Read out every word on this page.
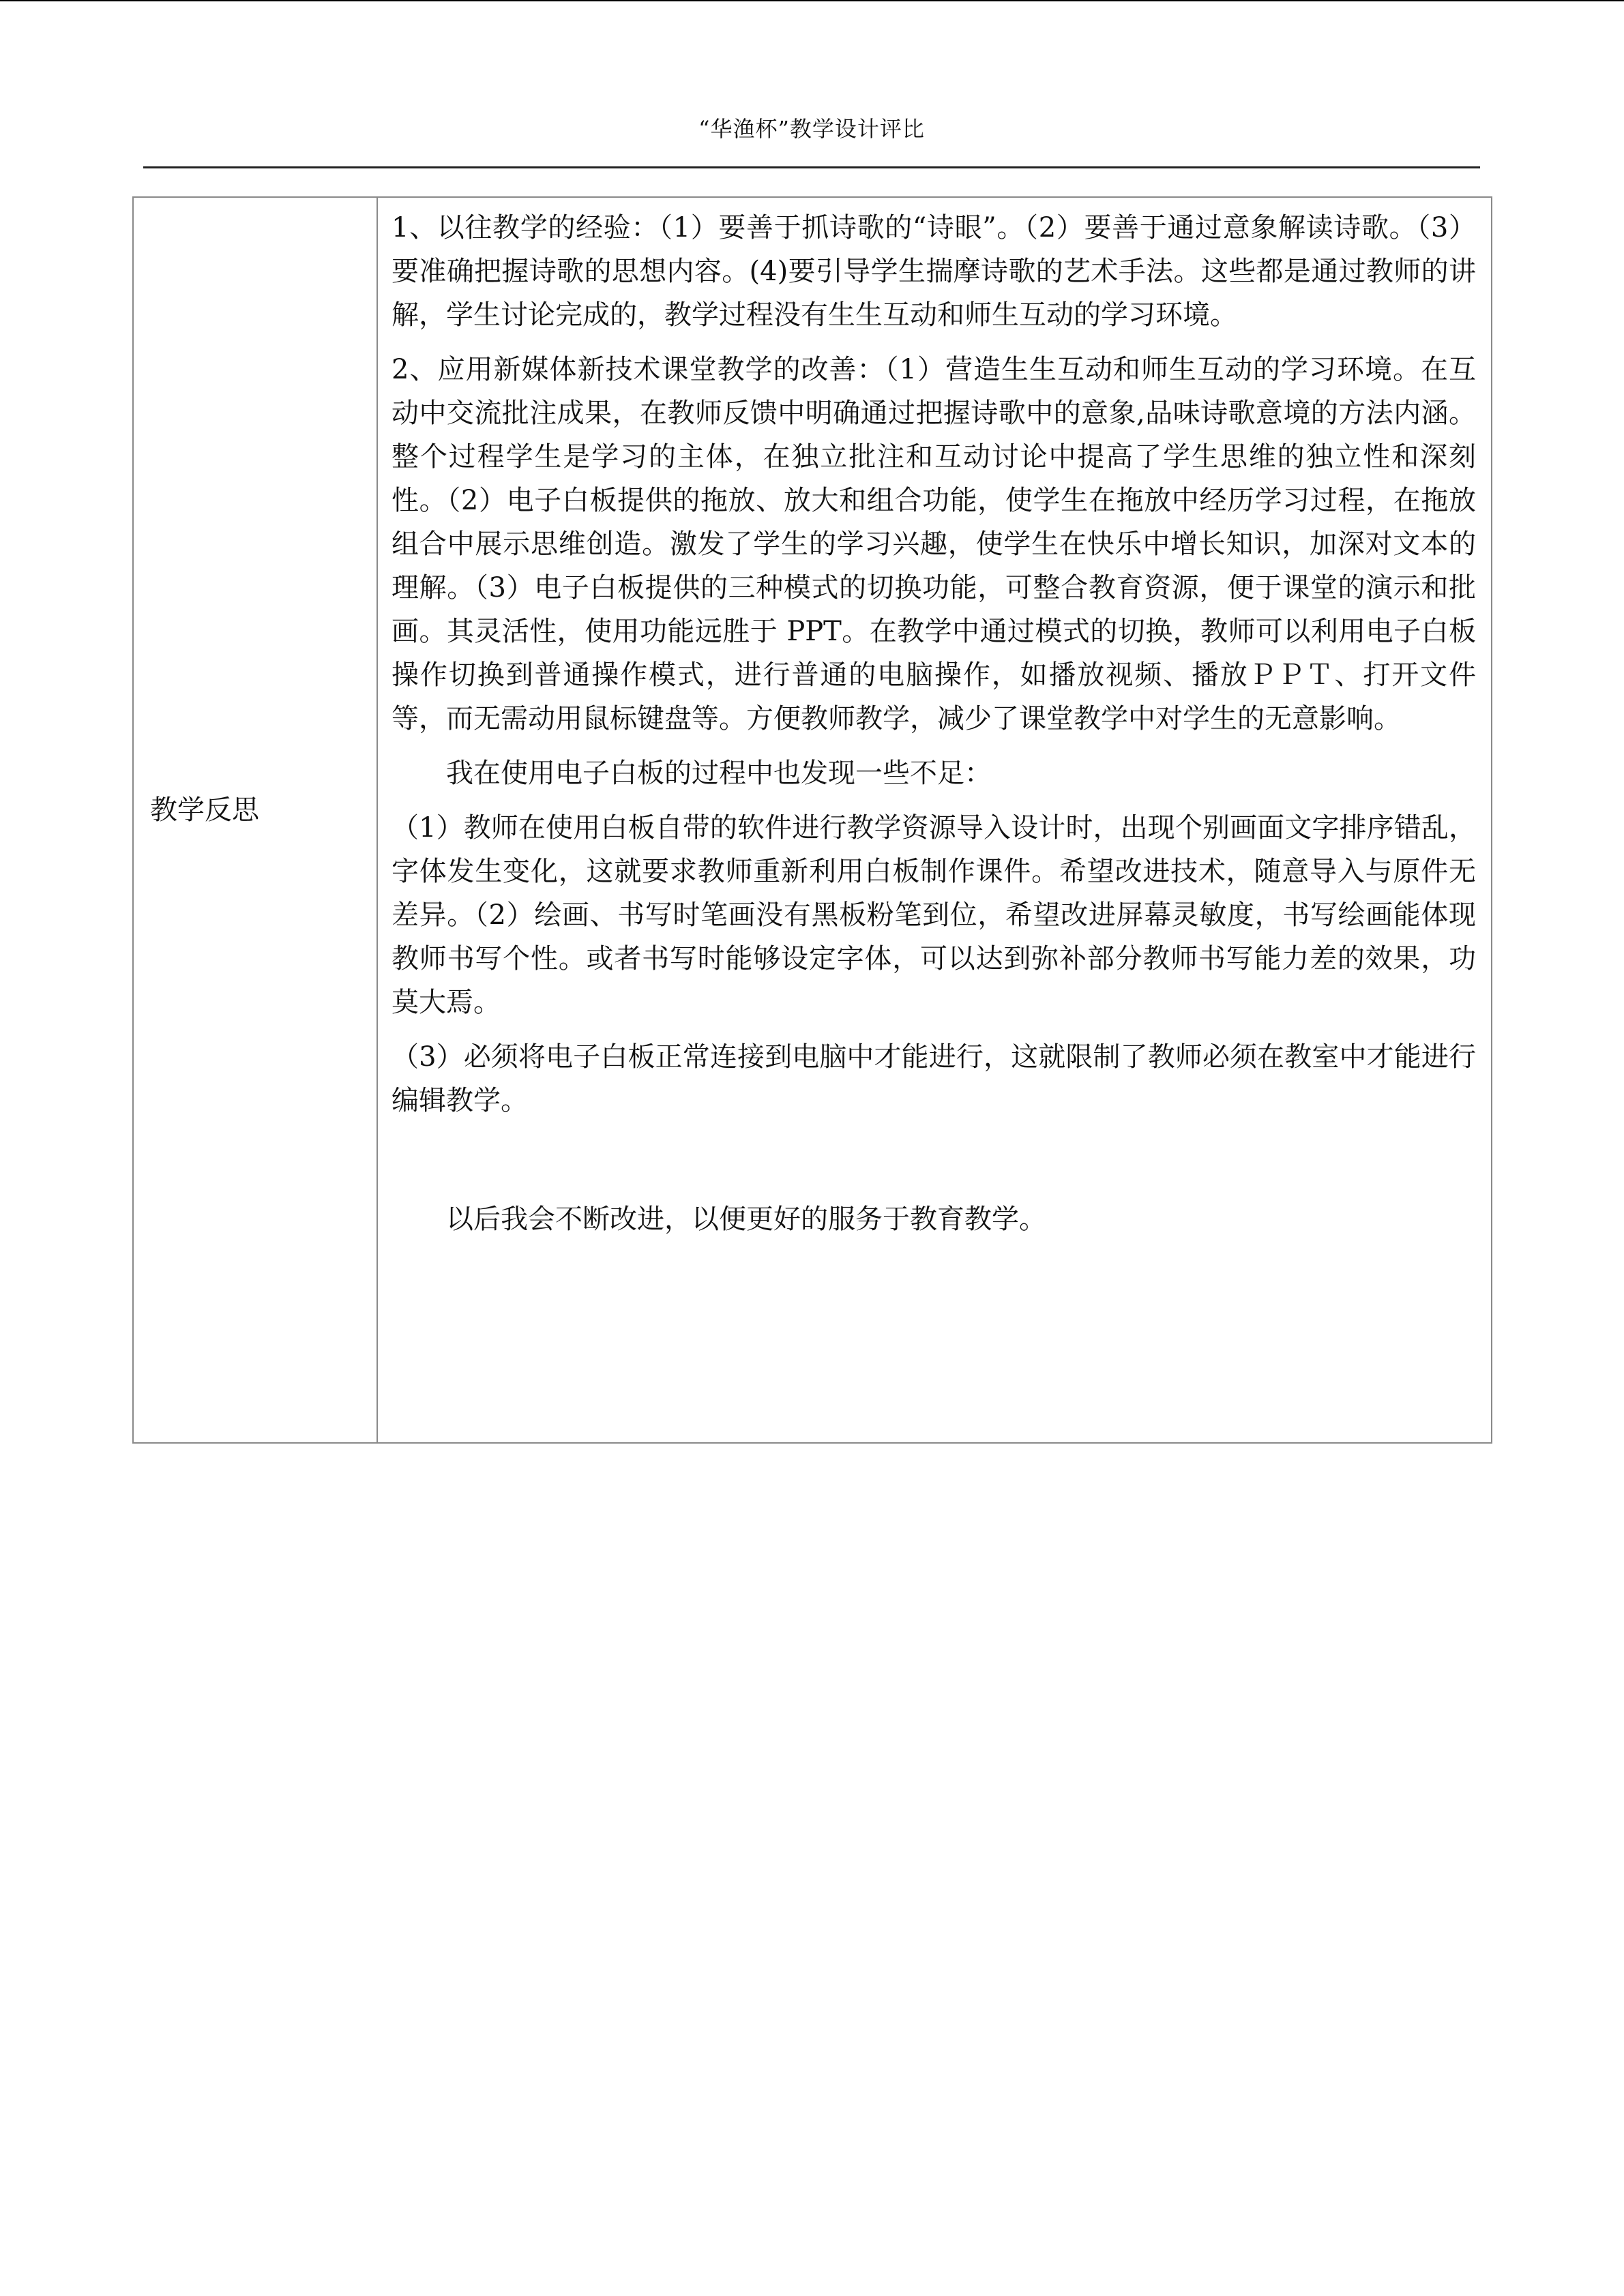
“华渔杯”教学设计评比
教学反思

1、以往教学的经验：（1）要善于抓诗歌的“诗眼”。（2）要善于通过意象解读诗歌。（3）要准确把握诗歌的思想内容。(4)要引导学生揣摩诗歌的艺术手法。这些都是通过教师的讲解，学生讨论完成的，教学过程没有生生互动和师生互动的学习环境。

2、应用新媒体新技术课堂教学的改善：（1）营造生生互动和师生互动的学习环境。在互动中交流批注成果，在教师反馈中明确通过把握诗歌中的意象,品味诗歌意境的方法内涵。整个过程学生是学习的主体，在独立批注和互动讨论中提高了学生思维的独立性和深刻性。（2）电子白板提供的拖放、放大和组合功能，使学生在拖放中经历学习过程，在拖放组合中展示思维创造。激发了学生的学习兴趣，使学生在快乐中增长知识，加深对文本的理解。（3）电子白板提供的三种模式的切换功能，可整合教育资源，便于课堂的演示和批画。其灵活性，使用功能远胜于 PPT。在教学中通过模式的切换，教师可以利用电子白板操作切换到普通操作模式，进行普通的电脑操作，如播放视频、播放ＰＰＴ、打开文件等，而无需动用鼠标键盘等。方便教师教学，减少了课堂教学中对学生的无意影响。

我在使用电子白板的过程中也发现一些不足：

（1）教师在使用白板自带的软件进行教学资源导入设计时，出现个别画面文字排序错乱，字体发生变化，这就要求教师重新利用白板制作课件。希望改进技术，随意导入与原件无差异。（2）绘画、书写时笔画没有黑板粉笔到位，希望改进屏幕灵敏度，书写绘画能体现教师书写个性。或者书写时能够设定字体，可以达到弥补部分教师书写能力差的效果，功莫大焉。

（3）必须将电子白板正常连接到电脑中才能进行，这就限制了教师必须在教室中才能进行编辑教学。

以后我会不断改进，以便更好的服务于教育教学。
